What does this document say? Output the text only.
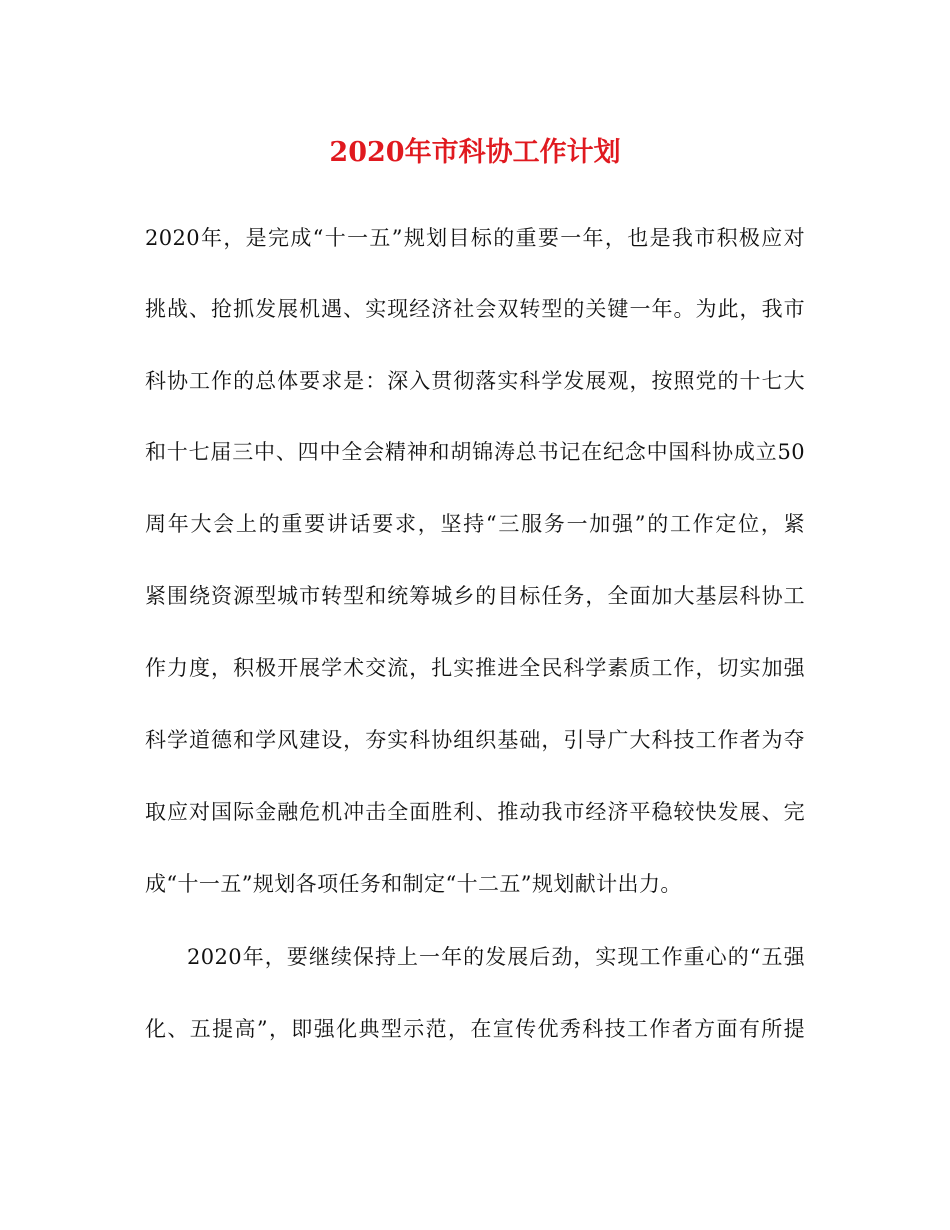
2020年市科协工作计划

2020年，是完成“十一五”规划目标的重要一年，也是我市积极应对

挑战、抢抓发展机遇、实现经济社会双转型的关键一年。为此，我市

科协工作的总体要求是：深入贯彻落实科学发展观，按照党的十七大

和十七届三中、四中全会精神和胡锦涛总书记在纪念中国科协成立50

周年大会上的重要讲话要求，坚持“三服务一加强”的工作定位，紧

紧围绕资源型城市转型和统筹城乡的目标任务，全面加大基层科协工

作力度，积极开展学术交流，扎实推进全民科学素质工作，切实加强

科学道德和学风建设，夯实科协组织基础，引导广大科技工作者为夺

取应对国际金融危机冲击全面胜利、推动我市经济平稳较快发展、完

成“十一五”规划各项任务和制定“十二五”规划献计出力。

2020年，要继续保持上一年的发展后劲，实现工作重心的“五强

化、五提高”，即强化典型示范，在宣传优秀科技工作者方面有所提
